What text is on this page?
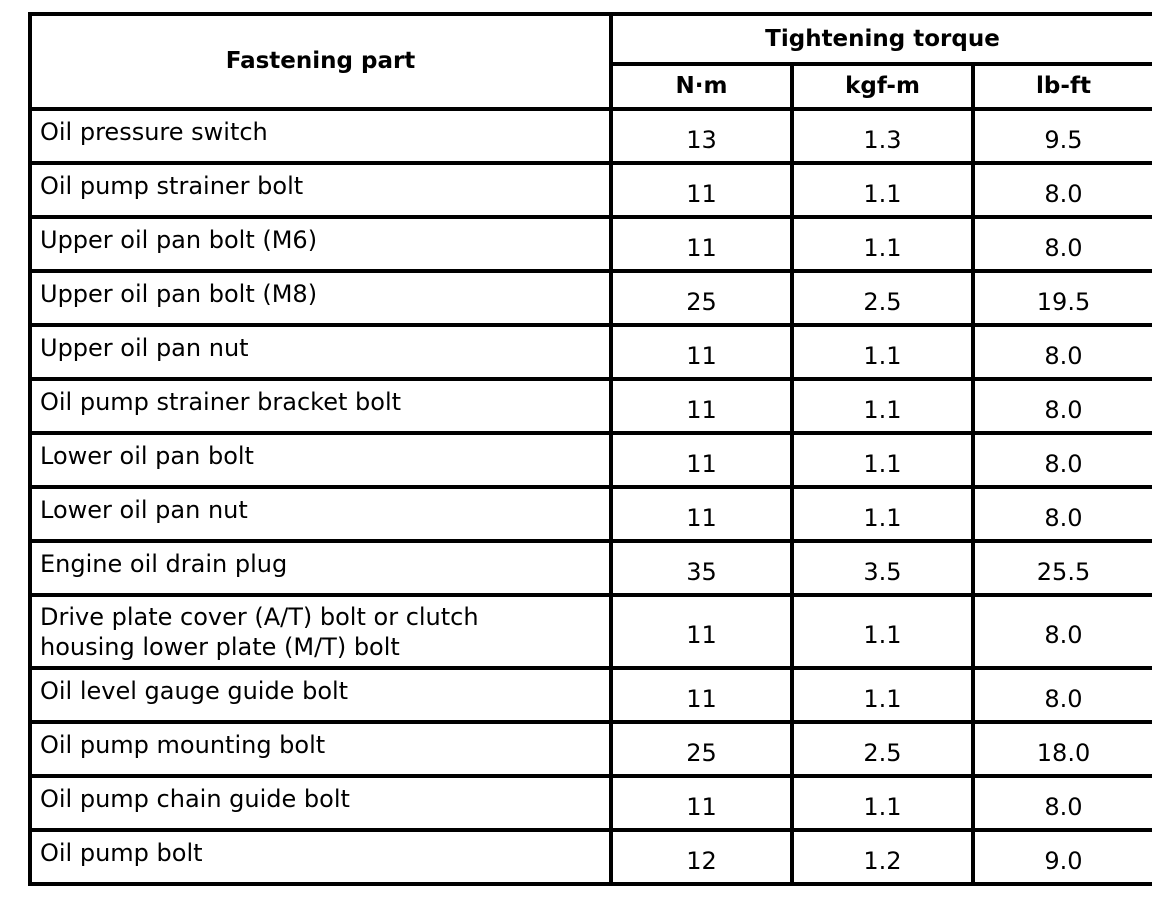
Fastening part	Tightening torque		
	N·m	kgf-m	lb-ft
Oil pressure switch	13	1.3	9.5
Oil pump strainer bolt	11	1.1	8.0
Upper oil pan bolt (M6)	11	1.1	8.0
Upper oil pan bolt (M8)	25	2.5	19.5
Upper oil pan nut	11	1.1	8.0
Oil pump strainer bracket bolt	11	1.1	8.0
Lower oil pan bolt	11	1.1	8.0
Lower oil pan nut	11	1.1	8.0
Engine oil drain plug	35	3.5	25.5

Drive plate cover (A/T) bolt or clutch
housing lower plate (M/T) bolt	11	1.1	8.0
Oil level gauge guide bolt	11	1.1	8.0
Oil pump mounting bolt	25	2.5	18.0
Oil pump chain guide bolt	11	1.1	8.0
Oil pump bolt	12	1.2	9.0
